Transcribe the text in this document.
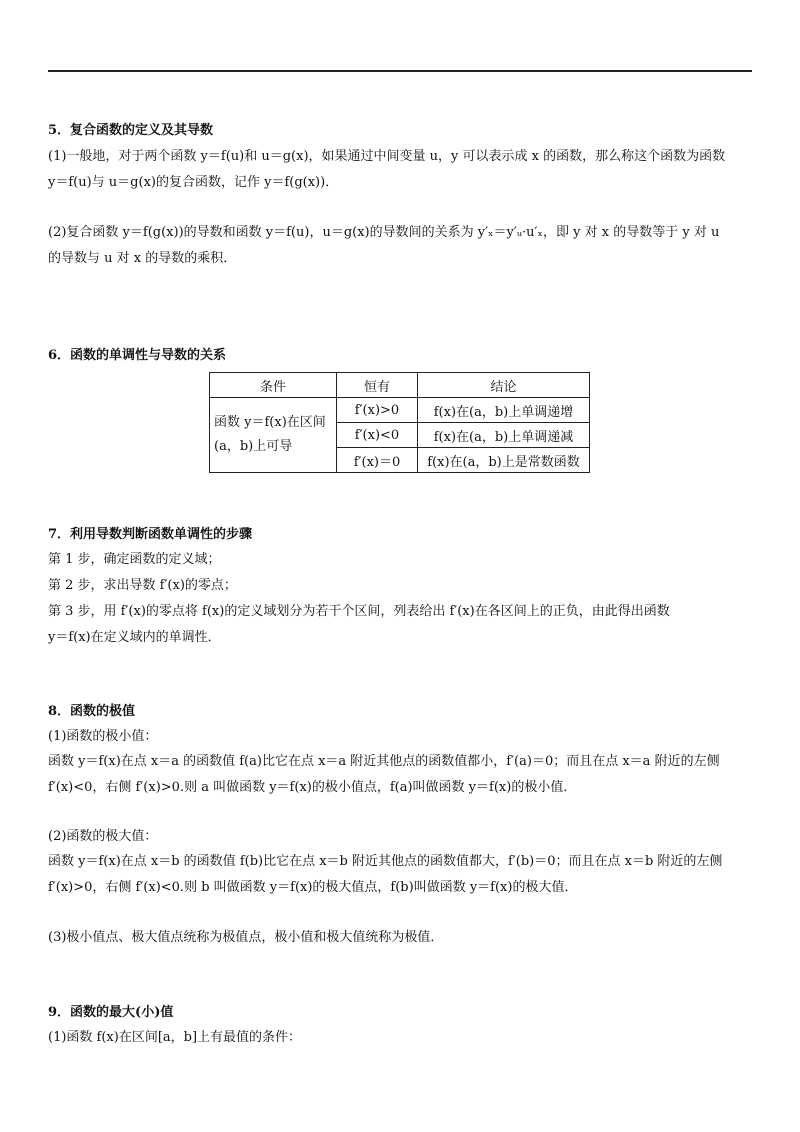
5．复合函数的定义及其导数
(1)一般地，对于两个函数 y＝f(u)和 u＝g(x)，如果通过中间变量 u，y 可以表示成 x 的函数，那么称这个函数为函数
y＝f(u)与 u＝g(x)的复合函数，记作 y＝f(g(x))．
(2)复合函数 y＝f(g(x))的导数和函数 y＝f(u)，u＝g(x)的导数间的关系为 y′ₓ＝y′ᵤ·u′ₓ，即 y 对 x 的导数等于 y 对 u
的导数与 u 对 x 的导数的乘积．
6．函数的单调性与导数的关系
条件	恒有	结论
函数 y＝f(x)在区间(a，b)上可导	f′(x)>0	f(x)在(a，b)上单调递增
	f′(x)<0	f(x)在(a，b)上单调递减
	f′(x)＝0	f(x)在(a，b)上是常数函数
7．利用导数判断函数单调性的步骤
第 1 步，确定函数的定义域；
第 2 步，求出导数 f′(x)的零点；
第 3 步，用 f′(x)的零点将 f(x)的定义域划分为若干个区间，列表给出 f′(x)在各区间上的正负，由此得出函数
y＝f(x)在定义域内的单调性．
8．函数的极值
(1)函数的极小值：
函数 y＝f(x)在点 x＝a 的函数值 f(a)比它在点 x＝a 附近其他点的函数值都小，f′(a)＝0；而且在点 x＝a 附近的左侧
f′(x)<0，右侧 f′(x)>0.则 a 叫做函数 y＝f(x)的极小值点，f(a)叫做函数 y＝f(x)的极小值．
(2)函数的极大值：
函数 y＝f(x)在点 x＝b 的函数值 f(b)比它在点 x＝b 附近其他点的函数值都大，f′(b)＝0；而且在点 x＝b 附近的左侧
f′(x)>0，右侧 f′(x)<0.则 b 叫做函数 y＝f(x)的极大值点，f(b)叫做函数 y＝f(x)的极大值．
(3)极小值点、极大值点统称为极值点，极小值和极大值统称为极值．
9．函数的最大(小)值
(1)函数 f(x)在区间[a，b]上有最值的条件：
